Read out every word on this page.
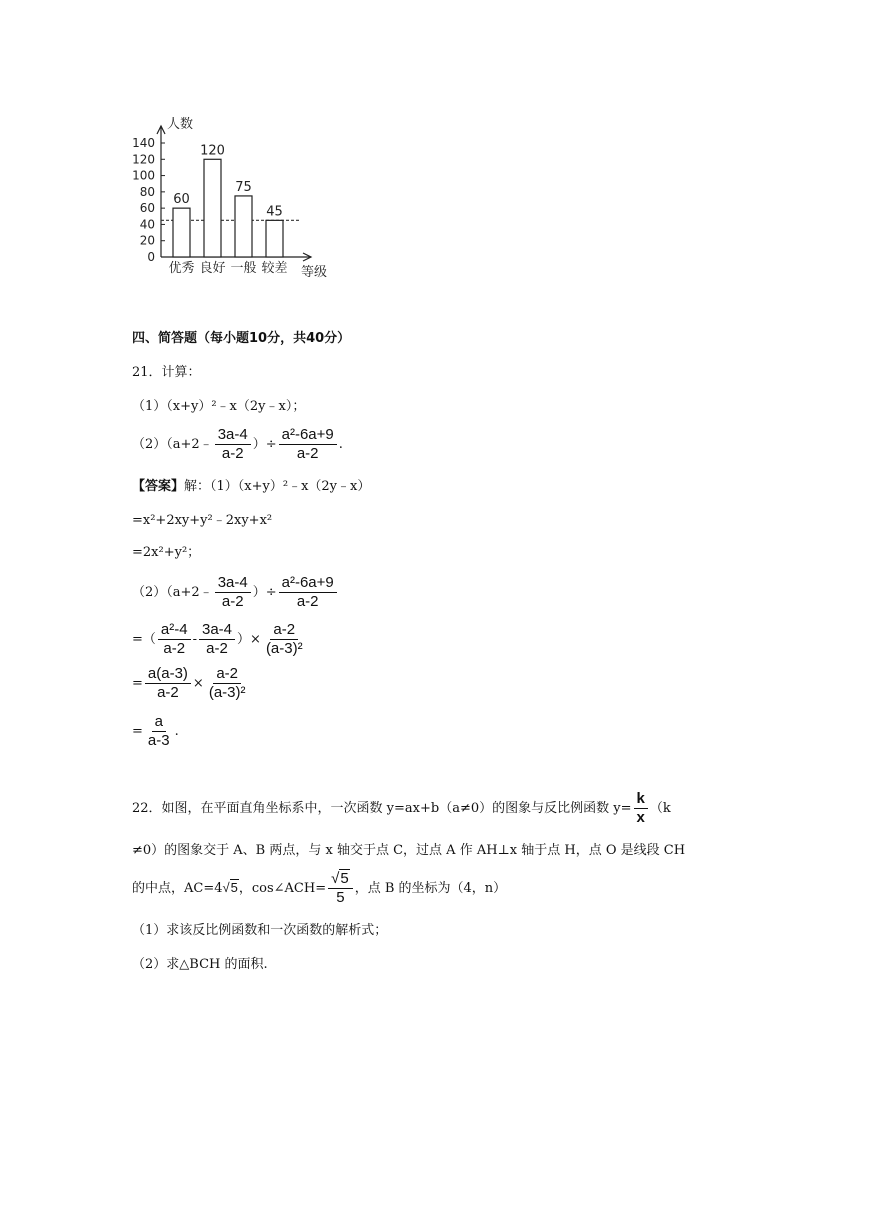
0
20
40
60
80
100
120
140
人数
60
优秀
120
良好
75
一般
45
较差 等级
四、简答题（每小题10分，共40分）
21．计算：
（1）（x+y）²﹣x（2y﹣x）；
（2）（a+2﹣ $\frac{3a-4}{a-2}$ ）÷ $\frac{\text{a²-6a+9}}{a-2}$ .
【答案】解：（1）（x+y）²﹣x（2y﹣x）
=x²+2xy+y²﹣2xy+x²
=2x²+y²；
（2）（a+2﹣ $\frac{3a-4}{a-2}$ ）÷ $\frac{\text{a²-6a+9}}{a-2}$
=（ $\frac{\text{a²-4}}{a-2} - \frac{3a-4}{a-2}$ ）× $\frac{a-2}{\text{(a-3)²}}$
= $\frac{a(a-3)}{a-2} \times \frac{a-2}{\text{(a-3)²}}$
= $\frac{a}{a-3}$ .
22．如图，在平面直角坐标系中，一次函数 y=ax+b（a≠0）的图象与反比例函数 $y= \frac{k}{x} (k$
≠0）的图象交于 A、B 两点，与 x 轴交于点 C，过点 A 作 AH⊥x 轴于点 H，点 O 是线段 CH
的中点，AC=4√5，cos∠ACH= $\frac{√5}{5}$ ，点 B 的坐标为（4，n）
（1）求该反比例函数和一次函数的解析式；
（2）求△BCH 的面积.
